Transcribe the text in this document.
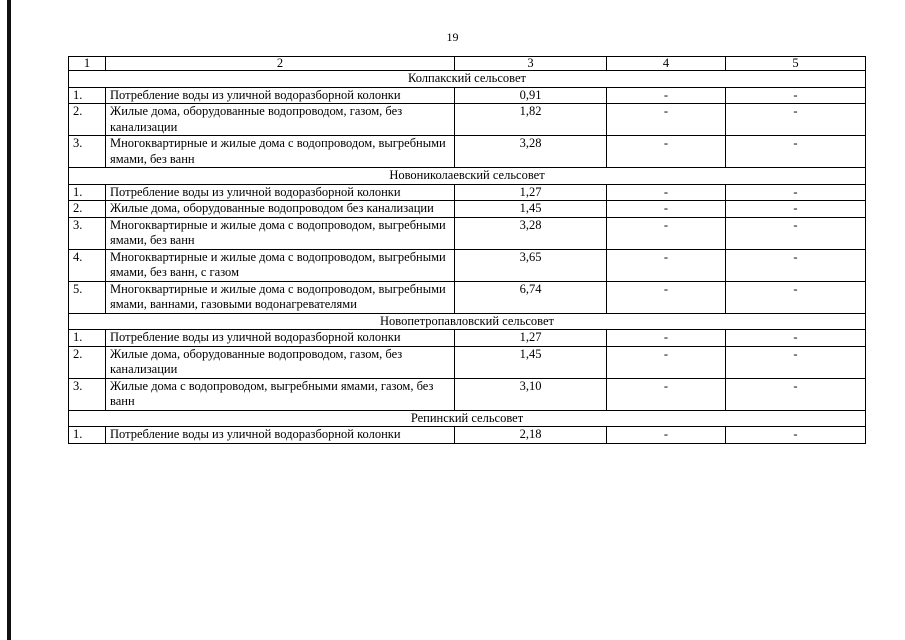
19
1	2	3	4	5
Колпакский сельсовет				
1.	Потребление воды из уличной водоразборной колонки	0,91	-	-
2.	Жилые дома, оборудованные водопроводом, газом, без канализации	1,82	-	-
3.	Многоквартирные и жилые дома с водопроводом, выгребными ямами, без ванн	3,28	-	-
Новониколаевский сельсовет				
1.	Потребление воды из уличной водоразборной колонки	1,27	-	-
2.	Жилые дома, оборудованные водопроводом без канализации	1,45	-	-
3.	Многоквартирные и жилые дома с водопроводом, выгребными ямами, без ванн	3,28	-	-
4.	Многоквартирные и жилые дома с водопроводом, выгребными ямами, без ванн, с газом	3,65	-	-
5.	Многоквартирные и жилые дома с водопроводом, выгребными ямами, ваннами, газовыми водонагревателями	6,74	-	-
Новопетропавловский сельсовет				
1.	Потребление воды из уличной водоразборной колонки	1,27	-	-
2.	Жилые дома, оборудованные водопроводом, газом, без канализации	1,45	-	-
3.	Жилые дома с водопроводом, выгребными ямами, газом, без ванн	3,10	-	-
Репинский сельсовет				
1.	Потребление воды из уличной водоразборной колонки	2,18	-	-
